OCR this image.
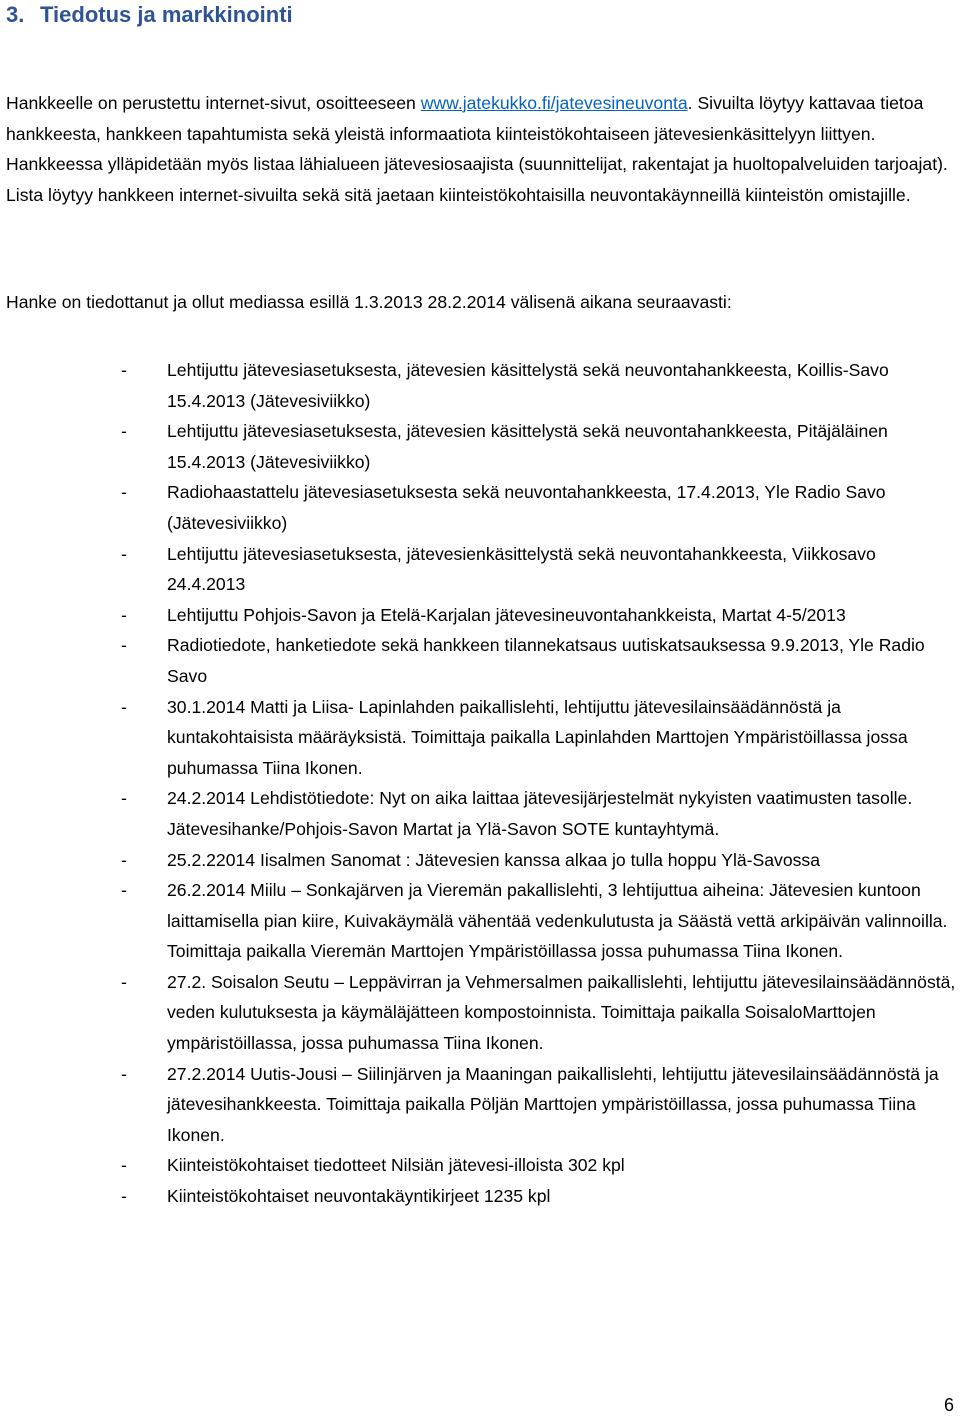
3. Tiedotus ja markkinointi

Hankkeelle on perustettu internet-sivut, osoitteeseen www.jatekukko.fi/jatevesineuvonta. Sivuilta löytyy kattavaa tietoa hankkeesta, hankkeen tapahtumista sekä yleistä informaatiota kiinteistökohtaiseen jätevesienkäsittelyyn liittyen. Hankkeessa ylläpidetään myös listaa lähialueen jätevesiosaajista (suunnittelijat, rakentajat ja huoltopalveluiden tarjoajat). Lista löytyy hankkeen internet-sivuilta sekä sitä jaetaan kiinteistökohtaisilla neuvontakäynneillä kiinteistön omistajille.

Hanke on tiedottanut ja ollut mediassa esillä 1.3.2013 28.2.2014 välisenä aikana seuraavasti:

- Lehtijuttu jätevesiasetuksesta, jätevesien käsittelystä sekä neuvontahankkeesta, Koillis-Savo 15.4.2013 (Jätevesiviikko)
- Lehtijuttu jätevesiasetuksesta, jätevesien käsittelystä sekä neuvontahankkeesta, Pitäjäläinen 15.4.2013 (Jätevesiviikko)
- Radiohaastattelu jätevesiasetuksesta sekä neuvontahankkeesta, 17.4.2013, Yle Radio Savo (Jätevesiviikko)
- Lehtijuttu jätevesiasetuksesta, jätevesienkäsittelystä sekä neuvontahankkeesta, Viikkosavo 24.4.2013
- Lehtijuttu Pohjois-Savon ja Etelä-Karjalan jätevesineuvontahankkeista, Martat 4-5/2013
- Radiotiedote, hanketiedote sekä hankkeen tilannekatsaus uutiskatsauksessa 9.9.2013, Yle Radio Savo
- 30.1.2014 Matti ja Liisa- Lapinlahden paikallislehti, lehtijuttu jätevesilainsäädännöstä ja kuntakohtaisista määräyksistä. Toimittaja paikalla Lapinlahden Marttojen Ympäristöillassa jossa puhumassa Tiina Ikonen.
- 24.2.2014 Lehdistötiedote: Nyt on aika laittaa jätevesijärjestelmät nykyisten vaatimusten tasolle. Jätevesihanke/Pohjois-Savon Martat ja Ylä-Savon SOTE kuntayhtymä.
- 25.2.22014 Iisalmen Sanomat : Jätevesien kanssa alkaa jo tulla hoppu Ylä-Savossa
- 26.2.2014 Miilu – Sonkajärven ja Vieremän pakallislehti, 3 lehtijuttua aiheina: Jätevesien kuntoon laittamisella pian kiire, Kuivakäymälä vähentää vedenkulutusta ja Säästä vettä arkipäivän valinnoilla. Toimittaja paikalla Vieremän Marttojen Ympäristöillassa jossa puhumassa Tiina Ikonen.
- 27.2. Soisalon Seutu – Leppävirran ja Vehmersalmen paikallislehti, lehtijuttu jätevesilainsäädännöstä, veden kulutuksesta ja käymäläjätteen kompostoinnista. Toimittaja paikalla SoisaloMarttojen ympäristöillassa, jossa puhumassa Tiina Ikonen.
- 27.2.2014 Uutis-Jousi – Siilinjärven ja Maaningan paikallislehti, lehtijuttu jätevesilainsäädännöstä ja jätevesihankkeesta. Toimittaja paikalla Pöljän Marttojen ympäristöillassa, jossa puhumassa Tiina Ikonen.
- Kiinteistökohtaiset tiedotteet Nilsiän jätevesi-illoista 302 kpl
- Kiinteistökohtaiset neuvontakäyntikirjeet 1235 kpl
6
